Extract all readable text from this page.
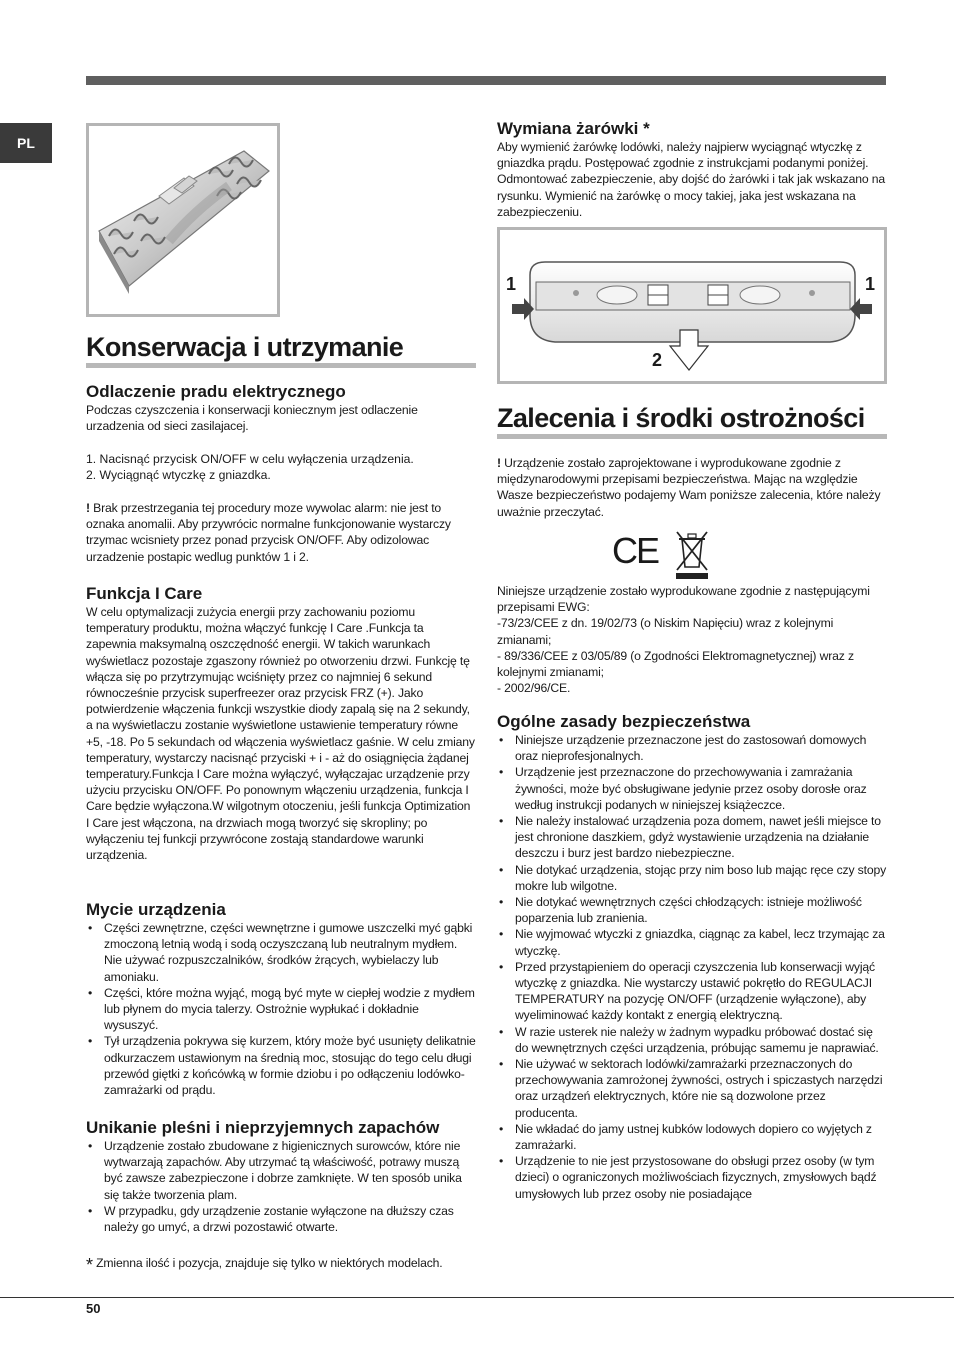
PL
Konserwacja i utrzymanie
Odlaczenie pradu elektrycznego
Podczas czyszczenia i konserwacji koniecznym jest odlaczenie urzadzenia od sieci zasilajacej.
1. Nacisnąć przycisk ON/OFF w celu wyłączenia urządzenia.
2. Wyciągnąć wtyczkę z gniazdka.
! Brak przestrzegania tej procedury moze wywolac alarm: nie jest to oznaka anomalii. Aby przywrócic normalne funkcjonowanie wystarczy trzymac wcisniety przez ponad przycisk ON/OFF. Aby odizolowac urzadzenie postapic wedlug punktów 1 i 2.
Funkcja I Care
W celu optymalizacji zużycia energii przy zachowaniu poziomu temperatury produktu, można włączyć funkcję I Care .Funkcja ta zapewnia maksymalną oszczędność energii. W takich warunkach wyświetlacz pozostaje zgaszony również po otworzeniu drzwi. Funkcję tę włącza się po przytrzymując wciśnięty przez co najmniej 6 sekund równocześnie przycisk superfreezer oraz przycisk FRZ (+). Jako potwierdzenie włączenia funkcji wszystkie diody zapalą się na 2 sekundy, a na wyświetlaczu zostanie wyświetlone ustawienie temperatury równe +5, -18. Po 5 sekundach od włączenia wyświetlacz gaśnie. W celu zmiany temperatury, wystarczy nacisnąć przyciski + i - aż do osiągnięcia żądanej temperatury.Funkcja I Care można wyłączyć, wyłączajac urządzenie przy użyciu przycisku ON/OFF. Po ponownym włączeniu urządzenia, funkcja I Care będzie wyłączona.W wilgotnym otoczeniu, jeśli funkcja Optimization I Care jest włączona, na drzwiach mogą tworzyć się skropliny; po wyłączeniu tej funkcji przywrócone zostają standardowe warunki urządzenia.
Mycie urządzenia
• Części zewnętrzne, części wewnętrzne i gumowe uszczelki myć gąbki zmoczoną letnią wodą i sodą oczyszczaną lub neutralnym mydłem. Nie używać rozpuszczalników, środków żrących, wybielaczy lub amoniaku.
• Części, które można wyjąć, mogą być myte w ciepłej wodzie z mydłem lub płynem do mycia talerzy. Ostrożnie wypłukać i dokładnie wysuszyć.
• Tył urządzenia pokrywa się kurzem, który może być usunięty delikatnie odkurzaczem ustawionym na średnią moc, stosując do tego celu długi przewód giętki z końcówką w formie dziobu i po odłączeniu lodówko- zamrażarki od prądu.
Unikanie pleśni i nieprzyjemnych zapachów
• Urządzenie zostało zbudowane z higienicznych surowców, które nie wytwarzają zapachów. Aby utrzymać tą właściwość, potrawy muszą być zawsze zabezpieczone i dobrze zamknięte. W ten sposób unika się także tworzenia plam.
• W przypadku, gdy urządzenie zostanie wyłączone na dłuższy czas należy go umyć, a drzwi pozostawić otwarte.
* Zmienna ilość i pozycja, znajduje się tylko w niektórych modelach.
Wymiana żarówki *
Aby wymienić żarówkę lodówki, należy najpierw wyciągnąć wtyczkę z gniazdka prądu. Postępować zgodnie z instrukcjami podanymi poniżej. Odmontować zabezpieczenie, aby dojść do żarówki i tak jak wskazano na rysunku. Wymienić na żarówkę o mocy takiej, jaka jest wskazana na zabezpieczeniu.
1	1
2
Zalecenia i środki ostrożności
! Urządzenie zostało zaprojektowane i wyprodukowane zgodnie z międzynarodowymi przepisami bezpieczeństwa. Mając na względzie Wasze bezpieczeństwo podajemy Wam poniższe zalecenia, które należy uważnie przeczytać.
CE

Niniejsze urządzenie zostało wyprodukowane zgodnie z następującymi przepisami EWG:

-73/23/CEE z dn. 19/02/73 (o Niskim Napięciu) wraz z kolejnymi zmianami;

- 89/336/CEE z 03/05/89 (o Zgodności Elektromagnetycznej) wraz z kolejnymi zmianami;

- 2002/96/CE.

Ogólne zasady bezpieczeństwa
• Niniejsze urządzenie przeznaczone jest do zastosowań domowych oraz nieprofesjonalnych.
• Urządzenie jest przeznaczone do przechowywania i zamrażania żywności, może być obsługiwane jedynie przez osoby dorosłe oraz według instrukcji podanych w niniejszej książeczce.
• Nie należy instalować urządzenia poza domem, nawet jeśli miejsce to jest chronione daszkiem, gdyż wystawienie urządzenia na działanie deszczu i burz jest bardzo niebezpieczne.
• Nie dotykać urządzenia, stojąc przy nim boso lub mając ręce czy stopy mokre lub wilgotne.
• Nie dotykać wewnętrznych części chłodzących: istnieje możliwość poparzenia lub zranienia.
• Nie wyjmować wtyczki z gniazdka, ciągnąc za kabel, lecz trzymając za wtyczkę.
• Przed przystąpieniem do operacji czyszczenia lub konserwacji wyjąć wtyczkę z gniazdka. Nie wystarczy ustawić pokrętło do REGULACJI TEMPERATURY na pozycję ON/OFF (urządzenie wyłączone), aby wyeliminować każdy kontakt z energią elektryczną.
• W razie usterek nie należy w żadnym wypadku próbować dostać się do wewnętrznych części urządzenia, próbując samemu je naprawiać.
• Nie używać w sektorach lodówki/zamrażarki przeznaczonych do przechowywania zamrożonej żywności, ostrych i spiczastych narzędzi oraz urządzeń elektrycznych, które nie są dozwolone przez producenta.
• Nie wkładać do jamy ustnej kubków lodowych dopiero co wyjętych z zamrażarki.
• Urządzenie to nie jest przystosowane do obsługi przez osoby (w tym dzieci) o ograniczonych możliwościach fizycznych, zmysłowych bądź umysłowych lub przez osoby nie posiadające
50
